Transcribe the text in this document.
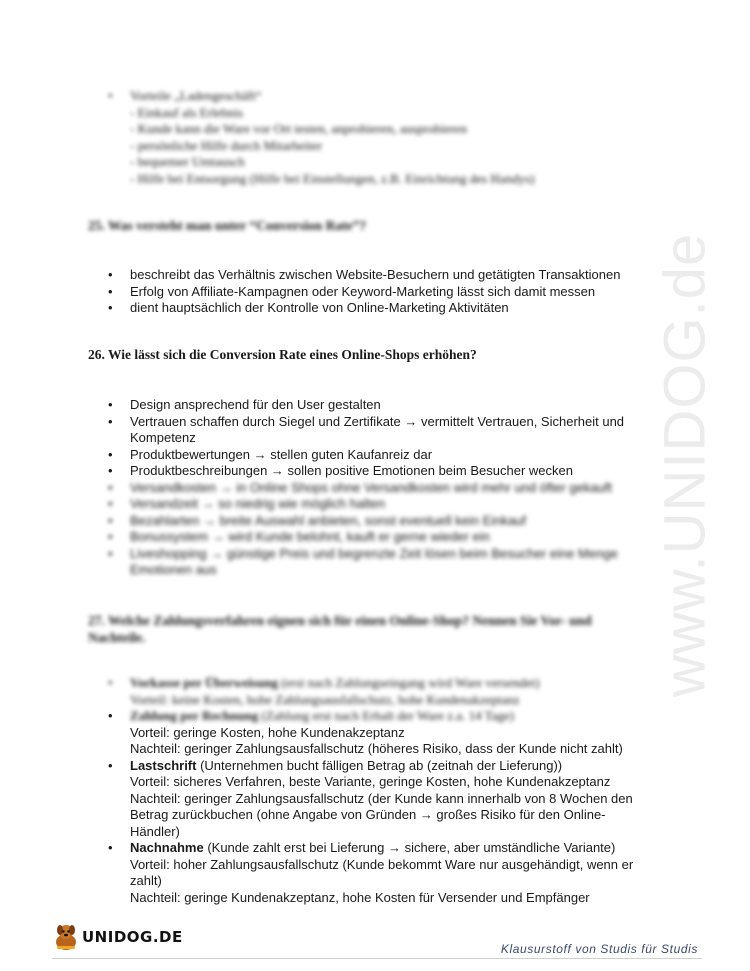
www.UNIDOG.de
• Vorteile „Ladengeschäft“
- Einkauf als Erlebnis
- Kunde kann die Ware vor Ort testen, anprobieren, ausprobieren
- persönliche Hilfe durch Mitarbeiter
- bequemer Umtausch
- Hilfe bei Entsorgung (Hilfe bei Einstellungen, z.B. Einrichtung des Handys)
25. Was versteht man unter “Conversion Rate”?
• beschreibt das Verhältnis zwischen Website-Besuchern und getätigten Transaktionen
• Erfolg von Affiliate-Kampagnen oder Keyword-Marketing lässt sich damit messen
• dient hauptsächlich der Kontrolle von Online-Marketing Aktivitäten
26. Wie lässt sich die Conversion Rate eines Online-Shops erhöhen?
• Design ansprechend für den User gestalten
• Vertrauen schaffen durch Siegel und Zertifikate → vermittelt Vertrauen, Sicherheit und Kompetenz
• Produktbewertungen → stellen guten Kaufanreiz dar
• Produktbeschreibungen → sollen positive Emotionen beim Besucher wecken
• Versandkosten → in Online Shops ohne Versandkosten wird mehr und öfter gekauft
• Versandzeit → so niedrig wie möglich halten
• Bezahlarten → breite Auswahl anbieten, sonst eventuell kein Einkauf
• Bonussystem → wird Kunde belohnt, kauft er gerne wieder ein
• Liveshopping → günstige Preis und begrenzte Zeit lösen beim Besucher eine Menge Emotionen aus
27. Welche Zahlungsverfahren eignen sich für einen Online-Shop? Nennen Sie Vor- und Nachteile.
• Vorkasse per Überweisung (erst nach Zahlungseingang wird Ware versendet)
Vorteil: keine Kosten, hohe Zahlungsausfallschutz, hohe Kundenakzeptanz
• Zahlung per Rechnung (Zahlung erst nach Erhalt der Ware z.a. 14 Tage)
Vorteil: geringe Kosten, hohe Kundenakzeptanz
Nachteil: geringer Zahlungsausfallschutz (höheres Risiko, dass der Kunde nicht zahlt)
• Lastschrift (Unternehmen bucht fälligen Betrag ab (zeitnah der Lieferung))
Vorteil: sicheres Verfahren, beste Variante, geringe Kosten, hohe Kundenakzeptanz
Nachteil: geringer Zahlungsausfallschutz (der Kunde kann innerhalb von 8 Wochen den Betrag zurückbuchen (ohne Angabe von Gründen → großes Risiko für den Online-Händler)
• Nachnahme (Kunde zahlt erst bei Lieferung → sichere, aber umständliche Variante)
Vorteil: hoher Zahlungsausfallschutz (Kunde bekommt Ware nur ausgehändigt, wenn er zahlt)
Nachteil: geringe Kundenakzeptanz, hohe Kosten für Versender und Empfänger
UNIDOG.DE
Klausurstoff von Studis für Studis
